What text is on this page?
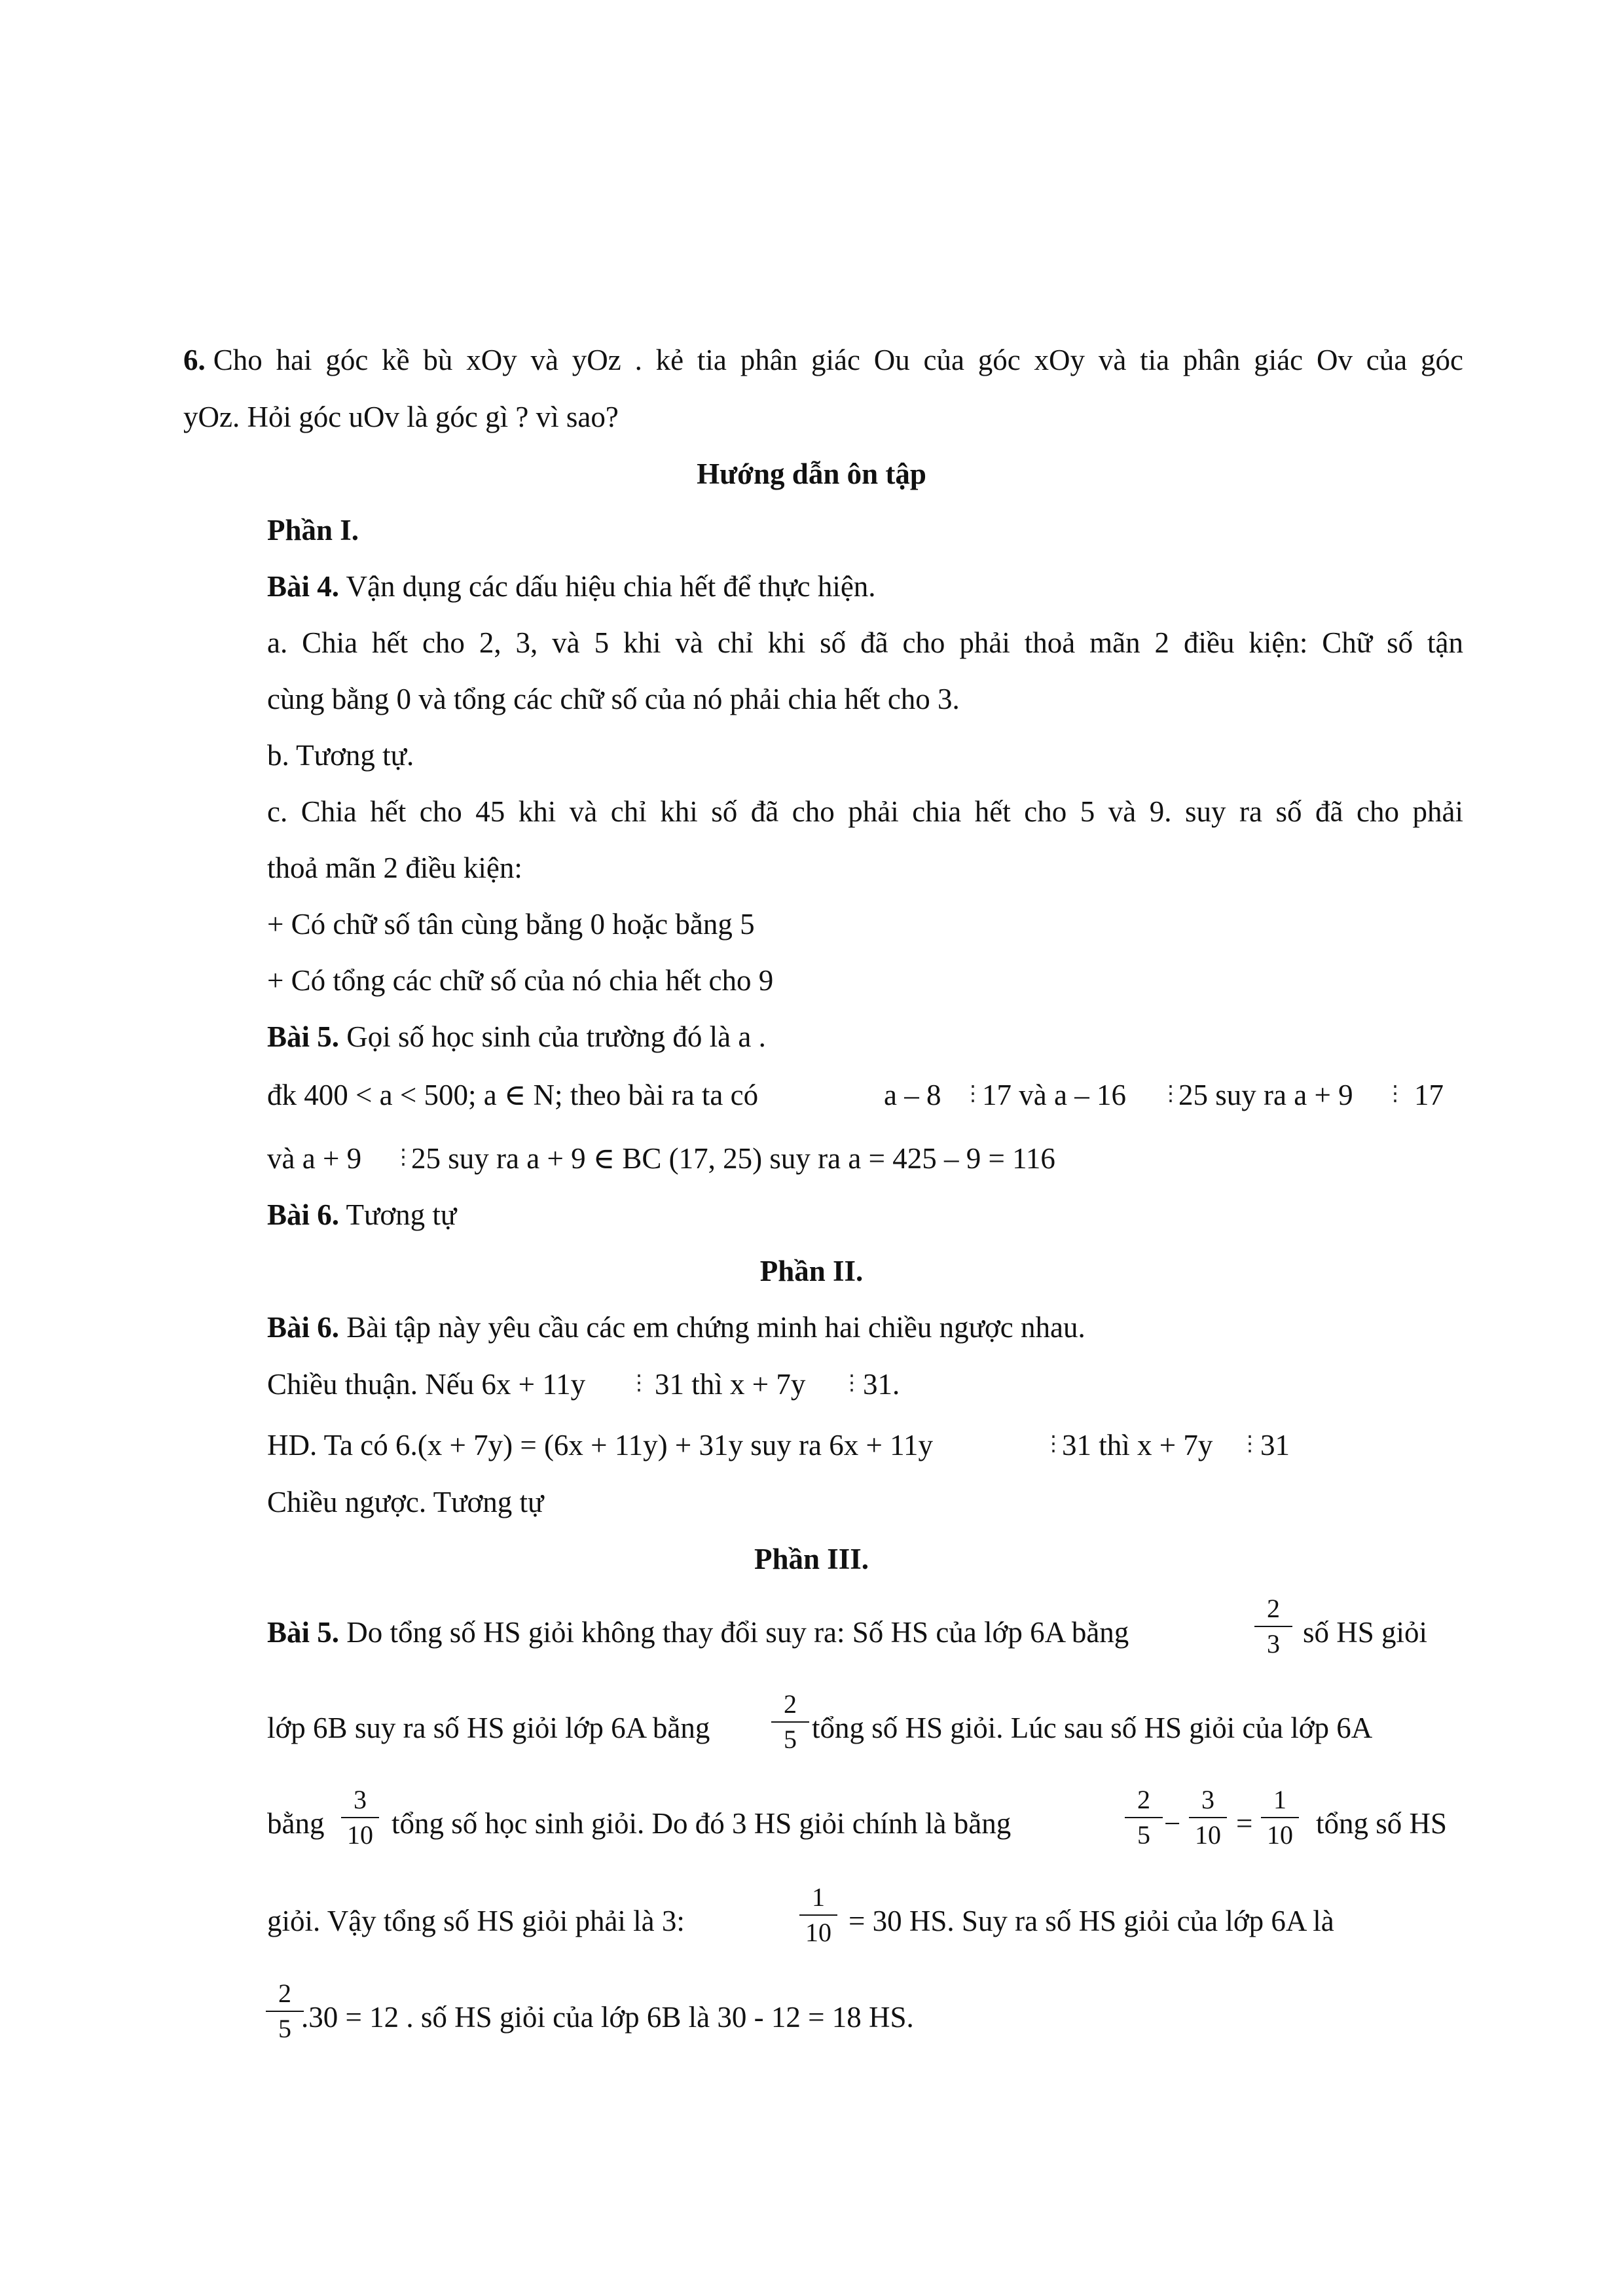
6. Cho hai góc kề bù xOy và yOz . kẻ tia phân giác Ou của góc xOy và tia phân giác Ov của góc
yOz. Hỏi góc uOv là góc gì ? vì sao?
Hướng dẫn ôn tập
Phần I.
Bài 4. Vận dụng các dấu hiệu chia hết để thực hiện.
a. Chia hết cho 2, 3, và 5 khi và chỉ khi số đã cho phải thoả mãn 2 điều kiện: Chữ số tận
cùng bằng 0 và tổng các chữ số của nó phải chia hết cho 3.
b. Tương tự.
c. Chia hết cho 45 khi và chỉ khi số đã cho phải chia hết cho 5 và 9. suy ra số đã cho phải
thoả mãn 2 điều kiện:
+ Có chữ số tân cùng bằng 0 hoặc bằng 5
+ Có tổng các chữ số của nó chia hết cho 9
Bài 5. Gọi số học sinh của trường đó là a .
đk 400 < a < 500; a ∈ N; theo bài ra ta có	a – 8 ⋮
17 và a – 16 ⋮
25 suy ra a + 9 ⋮ 17
và a + 9 ⋮
25 suy ra a + 9 ∈ BC (17, 25) suy ra a = 425 – 9 = 116
Bài 6. Tương tự
Phần II.
Bài 6. Bài tập này yêu cầu các em chứng minh hai chiều ngược nhau.
Chiều thuận. Nếu 6x + 11y ⋮ 31 thì x + 7y ⋮ 31.
HD. Ta có 6.(x + 7y) = (6x + 11y) + 31y suy ra 6x + 11y	⋮
31 thì x + 7y ⋮ 31
Chiều ngược. Tương tự
Phần III.
Bài 5. Do tổng số HS giỏi không thay đổi suy ra: Số HS của lớp 6A bằng
2
3 số HS giỏi
lớp 6B suy ra số HS giỏi lớp 6A bằng
2
5 tổng số HS giỏi. Lúc sau số HS giỏi của lớp 6A
bằng
3
10 tổng số học sinh giỏi. Do đó 3 HS giỏi chính là bằng
2
5 −
3
10 =
1
10 tổng số HS
giỏi. Vậy tổng số HS giỏi phải là 3:
1
10 = 30 HS. Suy ra số HS giỏi của lớp 6A là
2
5 .30 = 12 . số HS giỏi của lớp 6B là 30 - 12 = 18 HS.
